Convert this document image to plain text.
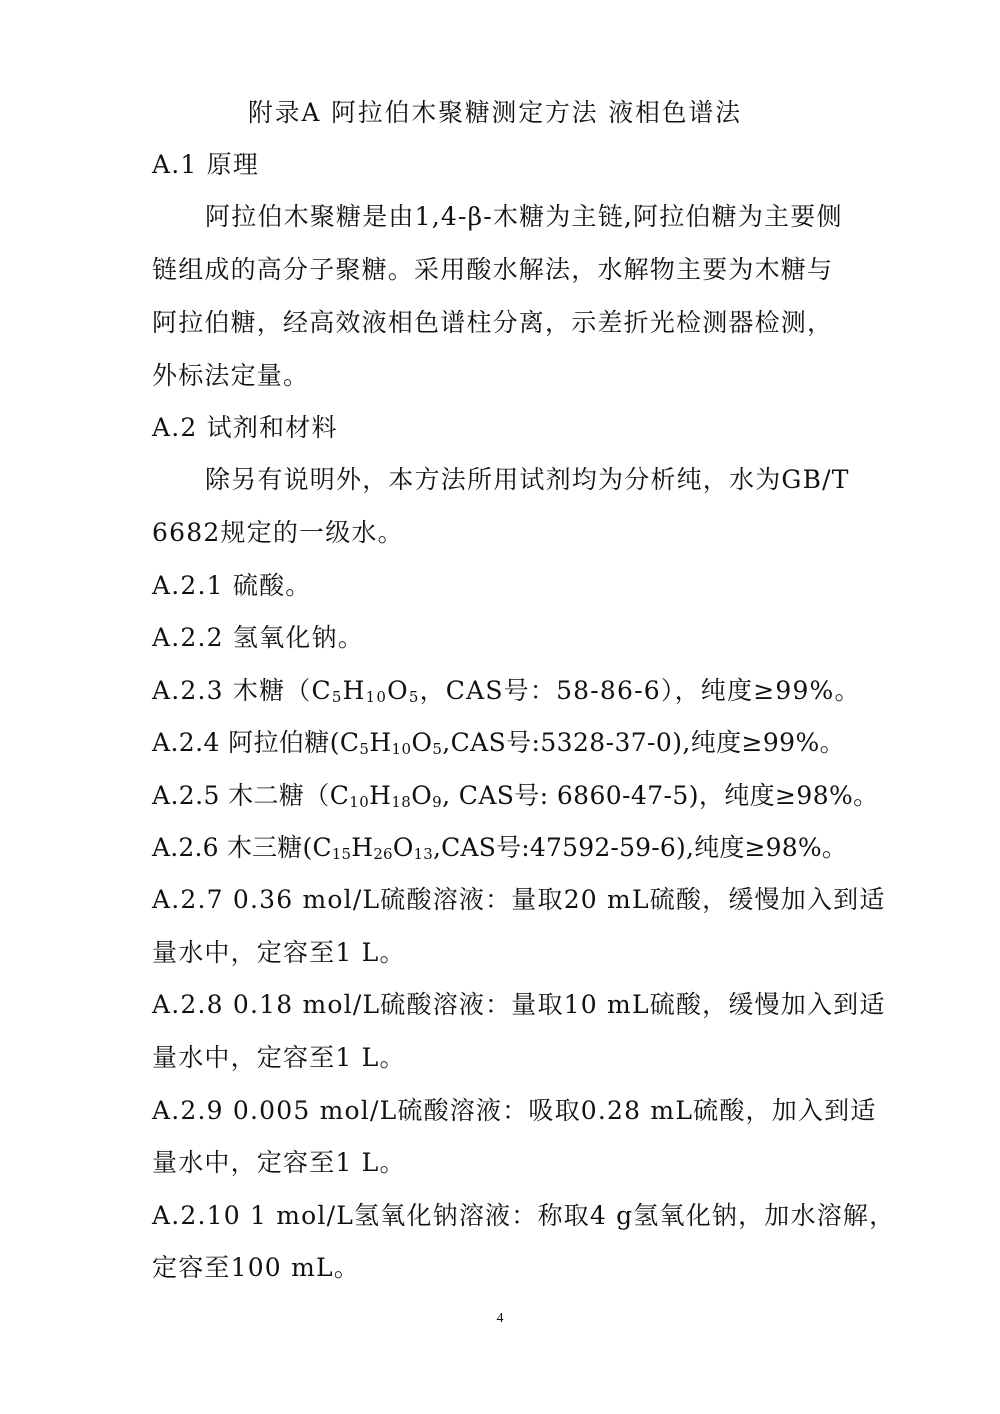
附录A 阿拉伯木聚糖测定方法 液相色谱法
A.1 原理
阿拉伯木聚糖是由1,4-β-木糖为主链,阿拉伯糖为主要侧
链组成的高分子聚糖。采用酸水解法，水解物主要为木糖与
阿拉伯糖，经高效液相色谱柱分离，示差折光检测器检测，
外标法定量。
A.2 试剂和材料
除另有说明外，本方法所用试剂均为分析纯，水为GB/T
6682规定的一级水。
A.2.1 硫酸。
A.2.2 氢氧化钠。
A.2.3 木糖（$C_5H_{10}O_5$，CAS号：58-86-6），纯度≥99%。
A.2.4 阿拉伯糖($C_5H_{10}O_5,CAS$号:5328-37-0),纯度≥99%。
A.2.5 木二糖（$C_{10}H_{18}O_9$, CAS号: 6860-47-5)，纯度≥98%。
A.2.6 木三糖($C_{15}H_{26}O_{13},CAS$号:47592-59-6),纯度≥98%。
A.2.7 0.36 mol/L硫酸溶液：量取20 mL硫酸，缓慢加入到适
量水中，定容至1 L。
A.2.8 0.18 mol/L硫酸溶液：量取10 mL硫酸，缓慢加入到适
量水中，定容至1 L。
A.2.9 0.005 mol/L硫酸溶液：吸取0.28 mL硫酸，加入到适
量水中，定容至1 L。
A.2.10 1 mol/L氢氧化钠溶液：称取4 g氢氧化钠，加水溶解，
定容至100 mL。
4
